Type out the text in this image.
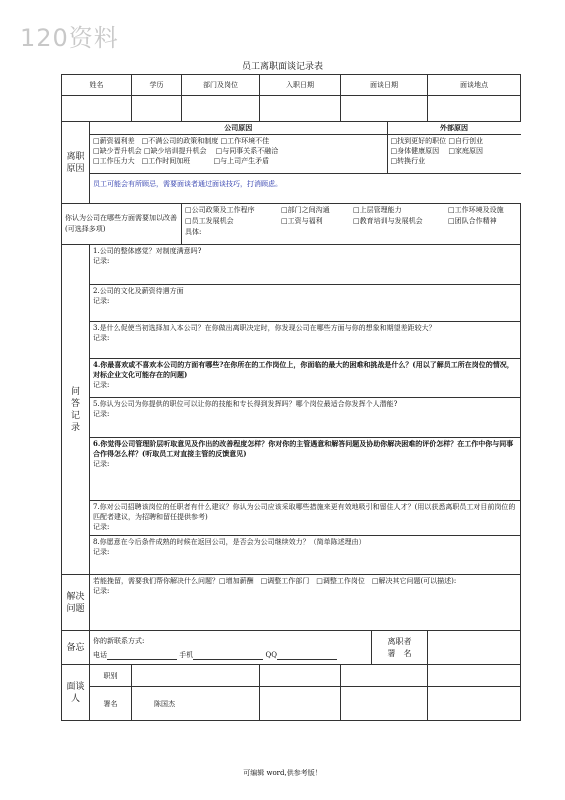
120资料
员工离职面谈记录表
姓名	学历	部门及岗位	入职日期	面谈日期	面谈地点

离职原因	
公司原因	外部原因

□薪资福利差　□不满公司的政策和制度 □工作环境不佳
□缺少晋升机会 □缺少培训提升机会　 □与同事关系不融洽
□工作压力大　□工作时间加班　　　 □与上司产生矛盾

□找到更好的职位 □自行创业
□身体健康原因　 □家庭原因
□转换行业

员工可能会有所顾忌，需要面谈者通过面谈技巧，打消顾虑。

你认为公司在哪些方面需要加以改善(可选择多项)	
□公司政策及工作程序	□部门之间沟通	□上层管理能力	□工作环境及设施
□员工发展机会	□工资与福利	□教育培训与发展机会	□团队合作精神
具体:

问答记录	
1.公司的整体感觉？对制度满意吗?
记录:

2.公司的文化及薪资待遇方面
记录:

3.是什么促使当初选择加入本公司？在你做出离职决定时，你发现公司在哪些方面与你的想象和期望差距较大？
记录:

4.你最喜欢或不喜欢本公司的方面有哪些?在你所在的工作岗位上，你面临的最大的困难和挑战是什么？(用以了解员工所在岗位的情况，对标企业文化可能存在的问题)
记录:

5.你认为公司为你提供的职位可以让你的技能和专长得到发挥吗？哪个岗位最适合你发挥个人潜能?
记录:

6.你觉得公司管理阶层听取意见及作出的改善程度怎样？你对你的主管遇意和解答问题及协助你解决困难的评价怎样？在工作中你与同事合作得怎么样？(听取员工对直接主管的反馈意见)
记录:

7.你对公司招聘该岗位的任职者有什么建议？你认为公司应该采取哪些措施来更有效地吸引和留住人才？(用以获悉离职员工对目前岗位的匹配者建议，为招聘和留任提供参考)
记录:

8.你愿意在今后条件成熟的时候在返回公司，是否会为公司继续效力？（简单陈述理由）
记录:

解决问题	
若能挽留，需要我们帮你解决什么问题？□增加薪酬　□调整工作部门　□调整工作岗位　□解决其它问题(可以描述):
记录:

备忘	
你的新联系方式:
电话	手机	QQ

离职者
署　名

面谈人	职别				
署名	陈国杰			
可编辑 word,供参考版！
